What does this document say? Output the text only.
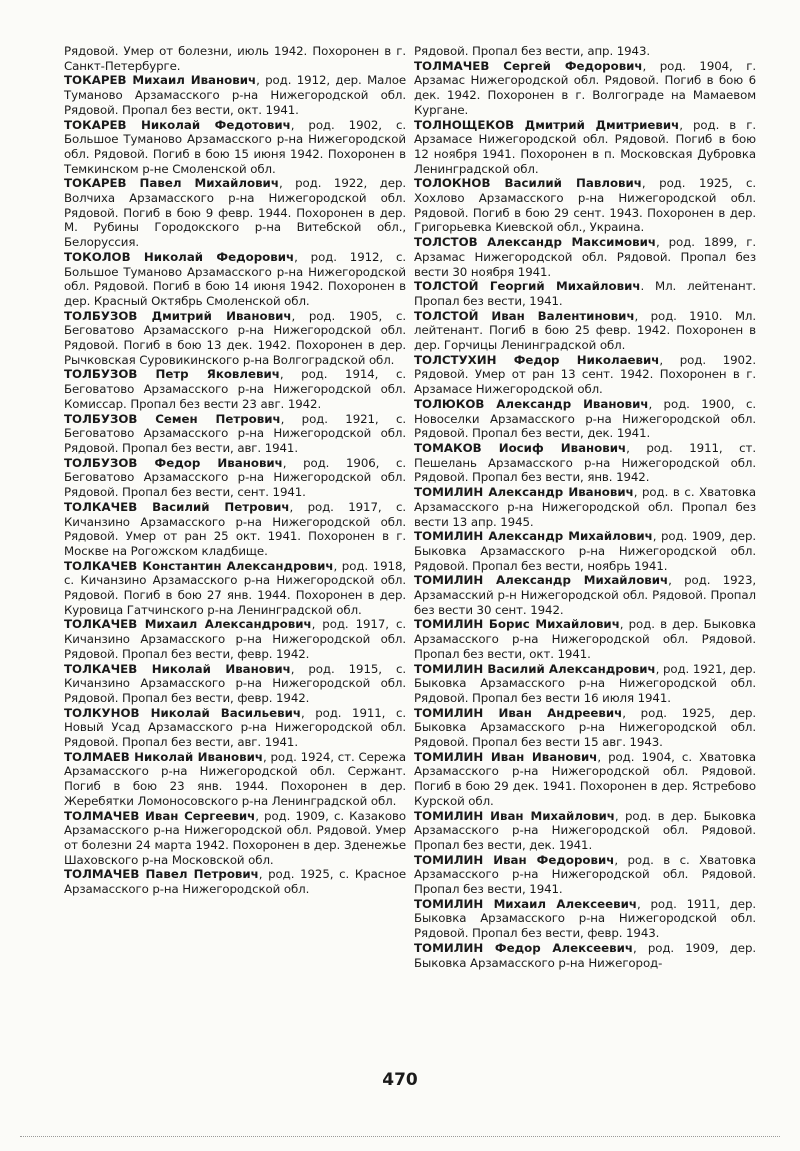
Рядовой. Умер от болезни, июль 1942. Похоронен в г. Санкт-Петербурге.

ТОКАРЕВ Михаил Иванович, род. 1912, дер. Малое Туманово Арзамасского р-на Нижегородской обл. Рядовой. Пропал без вести, окт. 1941.

ТОКАРЕВ Николай Федотович, род. 1902, с. Большое Туманово Арзамасского р-на Нижегородской обл. Рядовой. Погиб в бою 15 июня 1942. Похоронен в Темкинском р-не Смоленской обл.

ТОКАРЕВ Павел Михайлович, род. 1922, дер. Волчиха Арзамасского р-на Нижегородской обл. Рядовой. Погиб в бою 9 февр. 1944. Похоронен в дер. М. Рубины Городокского р-на Витебской обл., Белоруссия.

ТОКОЛОВ Николай Федорович, род. 1912, с. Большое Туманово Арзамасского р-на Нижегородской обл. Рядовой. Погиб в бою 14 июня 1942. Похоронен в дер. Красный Октябрь Смоленской обл.

ТОЛБУЗОВ Дмитрий Иванович, род. 1905, с. Беговатово Арзамасского р-на Нижегородской обл. Рядовой. Погиб в бою 13 дек. 1942. Похоронен в дер. Рычковская Суровикинского р-на Волгоградской обл.

ТОЛБУЗОВ Петр Яковлевич, род. 1914, с. Беговатово Арзамасского р-на Нижегородской обл. Комиссар. Пропал без вести 23 авг. 1942.

ТОЛБУЗОВ Семен Петрович, род. 1921, с. Беговатово Арзамасского р-на Нижегородской обл. Рядовой. Пропал без вести, авг. 1941.

ТОЛБУЗОВ Федор Иванович, род. 1906, с. Беговатово Арзамасского р-на Нижегородской обл. Рядовой. Пропал без вести, сент. 1941.

ТОЛКАЧЕВ Василий Петрович, род. 1917, с. Кичанзино Арзамасского р-на Нижегородской обл. Рядовой. Умер от ран 25 окт. 1941. Похоронен в г. Москве на Рогожском кладбище.

ТОЛКАЧЕВ Константин Александрович, род. 1918, с. Кичанзино Арзамасского р-на Нижегородской обл. Рядовой. Погиб в бою 27 янв. 1944. Похоронен в дер. Куровица Гатчинского р-на Ленинградской обл.

ТОЛКАЧЕВ Михаил Александрович, род. 1917, с. Кичанзино Арзамасского р-на Нижегородской обл. Рядовой. Пропал без вести, февр. 1942.

ТОЛКАЧЕВ Николай Иванович, род. 1915, с. Кичанзино Арзамасского р-на Нижегородской обл. Рядовой. Пропал без вести, февр. 1942.

ТОЛКУНОВ Николай Васильевич, род. 1911, с. Новый Усад Арзамасского р-на Нижегородской обл. Рядовой. Пропал без вести, авг. 1941.

ТОЛМАЕВ Николай Иванович, род. 1924, ст. Сережа Арзамасского р-на Нижегородской обл. Сержант. Погиб в бою 23 янв. 1944. Похоронен в дер. Жеребятки Ломоносовского р-на Ленинградской обл.

ТОЛМАЧЕВ Иван Сергеевич, род. 1909, с. Казаково Арзамасского р-на Нижегородской обл. Рядовой. Умер от болезни 24 марта 1942. Похоронен в дер. Зденежье Шаховского р-на Московской обл.

ТОЛМАЧЕВ Павел Петрович, род. 1925, с. Красное Арзамасского р-на Нижегородской обл.

Рядовой. Пропал без вести, апр. 1943.

ТОЛМАЧЕВ Сергей Федорович, род. 1904, г. Арзамас Нижегородской обл. Рядовой. Погиб в бою 6 дек. 1942. Похоронен в г. Волгограде на Мамаевом Кургане.

ТОЛНОЩЕКОВ Дмитрий Дмитриевич, род. в г. Арзамасе Нижегородской обл. Рядовой. Погиб в бою 12 ноября 1941. Похоронен в п. Московская Дубровка Ленинградской обл.

ТОЛОКНОВ Василий Павлович, род. 1925, с. Хохлово Арзамасского р-на Нижегородской обл. Рядовой. Погиб в бою 29 сент. 1943. Похоронен в дер. Григорьевка Киевской обл., Украина.

ТОЛСТОВ Александр Максимович, род. 1899, г. Арзамас Нижегородской обл. Рядовой. Пропал без вести 30 ноября 1941.

ТОЛСТОЙ Георгий Михайлович. Мл. лейтенант. Пропал без вести, 1941.

ТОЛСТОЙ Иван Валентинович, род. 1910. Мл. лейтенант. Погиб в бою 25 февр. 1942. Похоронен в дер. Горчицы Ленинградской обл.

ТОЛСТУХИН Федор Николаевич, род. 1902. Рядовой. Умер от ран 13 сент. 1942. Похоронен в г. Арзамасе Нижегородской обл.

ТОЛЮКОВ Александр Иванович, род. 1900, с. Новоселки Арзамасского р-на Нижегородской обл. Рядовой. Пропал без вести, дек. 1941.

ТОМАКОВ Иосиф Иванович, род. 1911, ст. Пешелань Арзамасского р-на Нижегородской обл. Рядовой. Пропал без вести, янв. 1942.

ТОМИЛИН Александр Иванович, род. в с. Хватовка Арзамасского р-на Нижегородской обл. Пропал без вести 13 апр. 1945.

ТОМИЛИН Александр Михайлович, род. 1909, дер. Быковка Арзамасского р-на Нижегородской обл. Рядовой. Пропал без вести, ноябрь 1941.

ТОМИЛИН Александр Михайлович, род. 1923, Арзамасский р-н Нижегородской обл. Рядовой. Пропал без вести 30 сент. 1942.

ТОМИЛИН Борис Михайлович, род. в дер. Быковка Арзамасского р-на Нижегородской обл. Рядовой. Пропал без вести, окт. 1941.

ТОМИЛИН Василий Александрович, род. 1921, дер. Быковка Арзамасского р-на Нижегородской обл. Рядовой. Пропал без вести 16 июля 1941.

ТОМИЛИН Иван Андреевич, род. 1925, дер. Быковка Арзамасского р-на Нижегородской обл. Рядовой. Пропал без вести 15 авг. 1943.

ТОМИЛИН Иван Иванович, род. 1904, с. Хватовка Арзамасского р-на Нижегородской обл. Рядовой. Погиб в бою 29 дек. 1941. Похоронен в дер. Ястребово Курской обл.

ТОМИЛИН Иван Михайлович, род. в дер. Быковка Арзамасского р-на Нижегородской обл. Рядовой. Пропал без вести, дек. 1941.

ТОМИЛИН Иван Федорович, род. в с. Хватовка Арзамасского р-на Нижегородской обл. Рядовой. Пропал без вести, 1941.

ТОМИЛИН Михаил Алексеевич, род. 1911, дер. Быковка Арзамасского р-на Нижегородской обл. Рядовой. Пропал без вести, февр. 1943.

ТОМИЛИН Федор Алексеевич, род. 1909, дер. Быковка Арзамасского р-на Нижегород-

470
